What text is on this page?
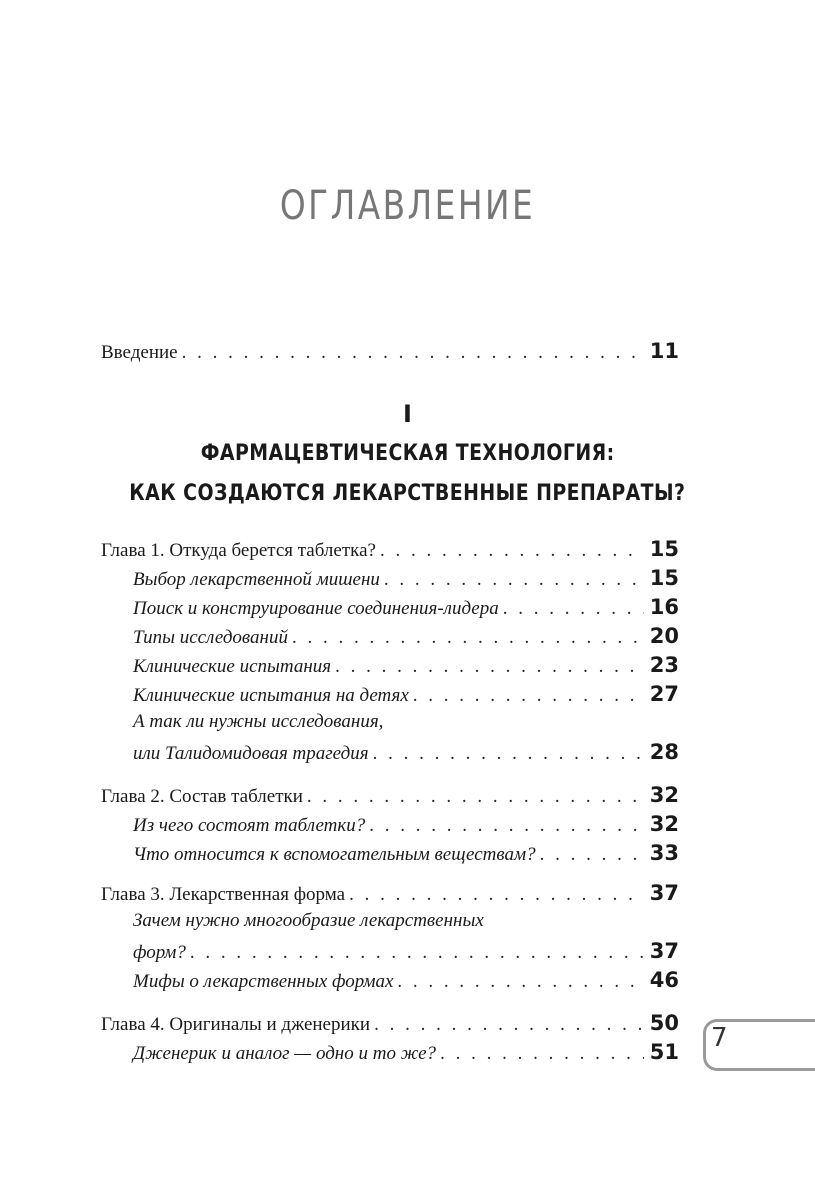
ОГЛАВЛЕНИЕ
Введение . . .	11
I
ФАРМАЦЕВТИЧЕСКАЯ ТЕХНОЛОГИЯ:
КАК СОЗДАЮТСЯ ЛЕКАРСТВЕННЫЕ ПРЕПАРАТЫ?
Глава 1. Откуда берется таблетка? . . .	15
Выбор лекарственной мишени . . .	15
Поиск и конструирование соединения-лидера . . .	16
Типы исследований . . .	20
Клинические испытания . . .	23
Клинические испытания на детях . . .	27
А так ли нужны исследования,
или Талидомидовая трагедия . . .	28
Глава 2. Состав таблетки . . .	32
Из чего состоят таблетки? . . .	32
Что относится к вспомогательным веществам? . . .	33
Глава 3. Лекарственная форма . . .	37
Зачем нужно многообразие лекарственных
форм? . . .	37
Мифы о лекарственных формах . . .	46
Глава 4. Оригиналы и дженерики . . .	50
Дженерик и аналог — одно и то же? . . .	51 7
